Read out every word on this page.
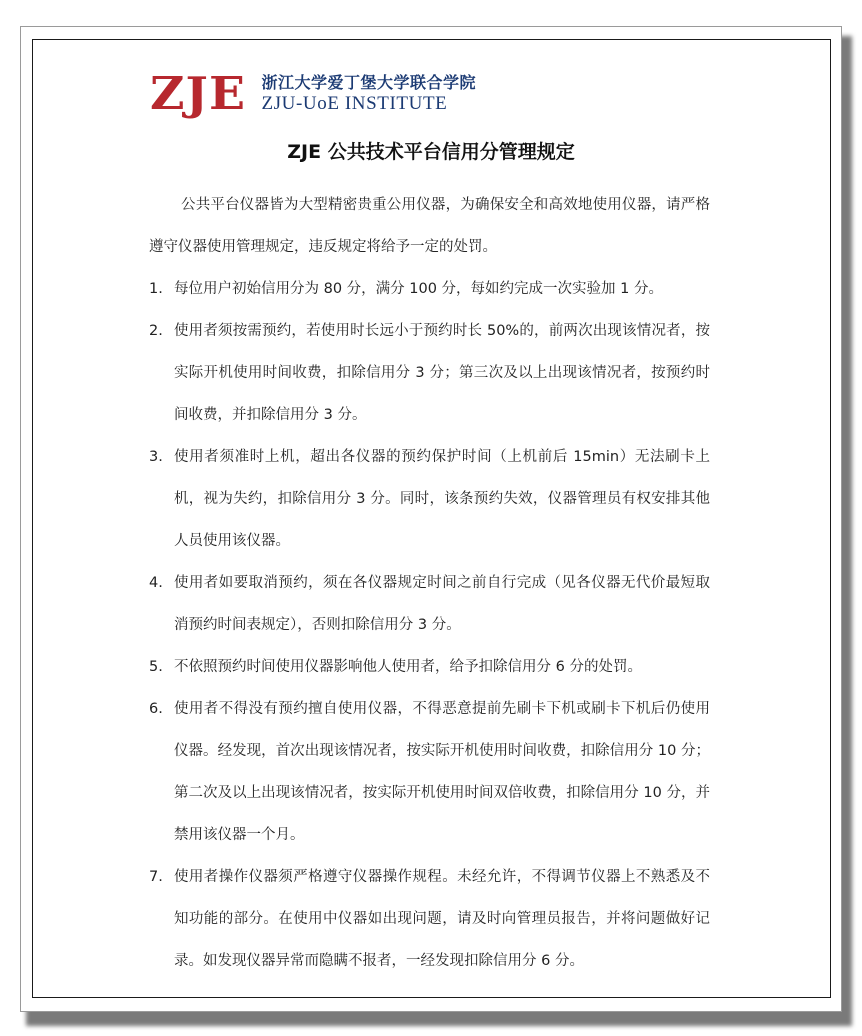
ZJE 浙江大学爱丁堡大学联合学院
ZJU-UoE INSTITUTE
ZJE 公共技术平台信用分管理规定

公共平台仪器皆为大型精密贵重公用仪器，为确保安全和高效地使用仪器，请严格遵守仪器使用管理规定，违反规定将给予一定的处罚。

1. 每位用户初始信用分为 80 分，满分 100 分，每如约完成一次实验加 1 分。
2. 使用者须按需预约，若使用时长远小于预约时长 50%的，前两次出现该情况者，按实际开机使用时间收费，扣除信用分 3 分；第三次及以上出现该情况者，按预约时间收费，并扣除信用分 3 分。
3. 使用者须准时上机，超出各仪器的预约保护时间（上机前后 15min）无法刷卡上机，视为失约，扣除信用分 3 分。同时，该条预约失效，仪器管理员有权安排其他人员使用该仪器。
4. 使用者如要取消预约，须在各仪器规定时间之前自行完成（见各仪器无代价最短取消预约时间表规定），否则扣除信用分 3 分。
5. 不依照预约时间使用仪器影响他人使用者，给予扣除信用分 6 分的处罚。
6. 使用者不得没有预约擅自使用仪器，不得恶意提前先刷卡下机或刷卡下机后仍使用仪器。经发现，首次出现该情况者，按实际开机使用时间收费，扣除信用分 10 分；第二次及以上出现该情况者，按实际开机使用时间双倍收费，扣除信用分 10 分，并禁用该仪器一个月。
7. 使用者操作仪器须严格遵守仪器操作规程。未经允许，不得调节仪器上不熟悉及不知功能的部分。在使用中仪器如出现问题，请及时向管理员报告，并将问题做好记录。如发现仪器异常而隐瞒不报者，一经发现扣除信用分 6 分。
